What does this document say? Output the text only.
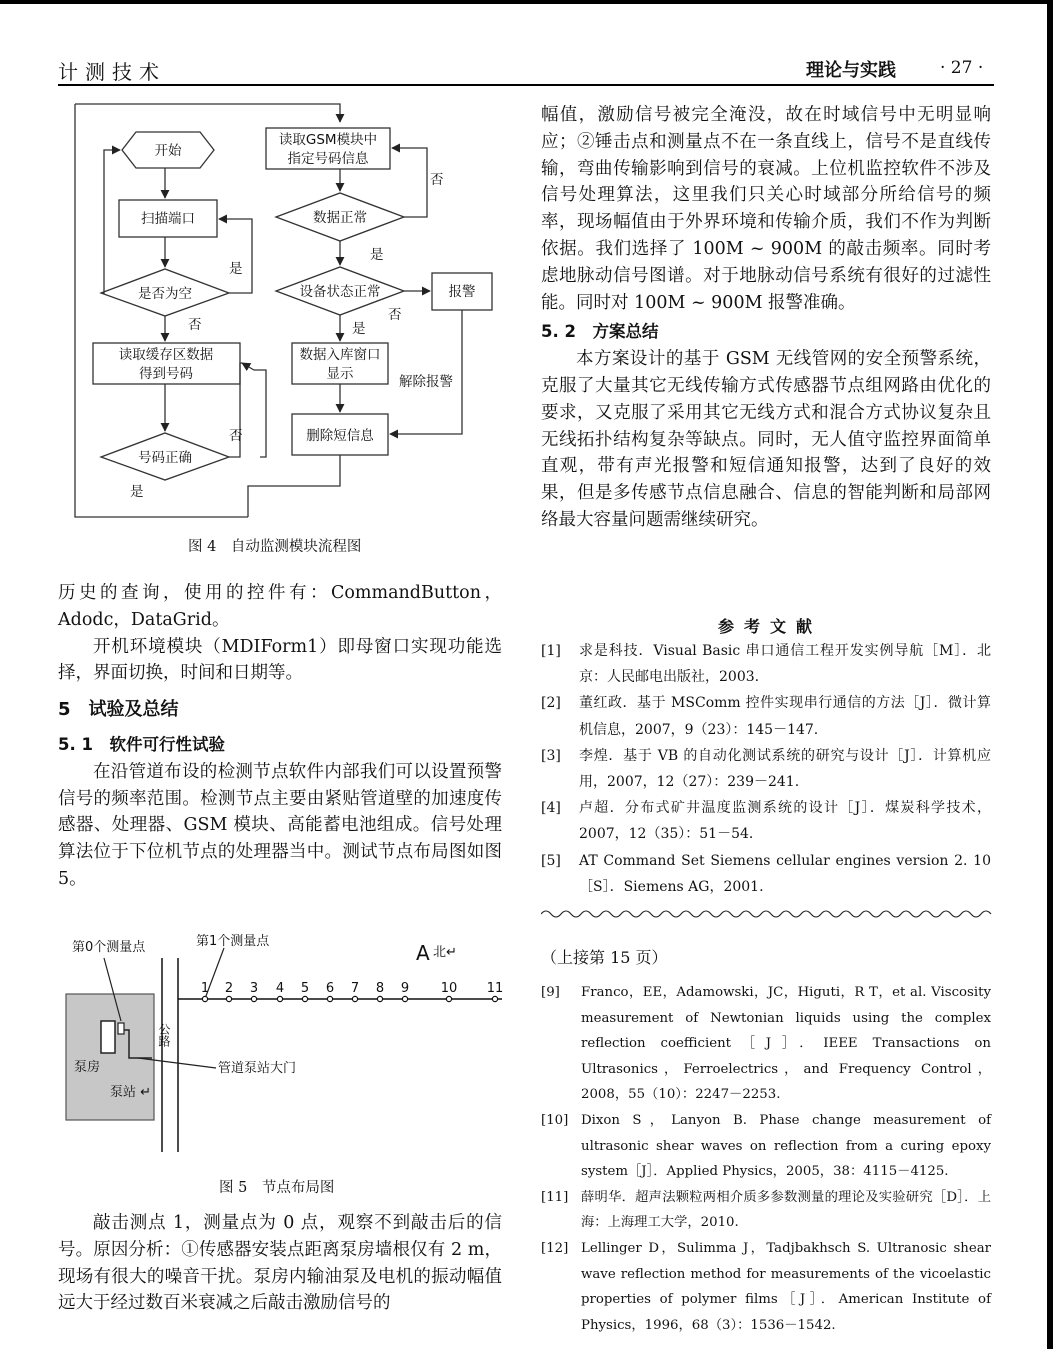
计测技术	理论与实践	· 27 ·
开始
扫描端口
是否为空
读取缓存区数据
得到号码
号码正确
读取GSM模块中
指定号码信息
数据正常
设备状态正常	报警
数据入库窗口
显示
删除短信息
是
否
否
是
否
是
否
是
解除报警
图 4　自动监测模块流程图

历史的查询，使用的控件有：CommandButton，Adodc，DataGrid。

开机环境模块（MDIForm1）即母窗口实现功能选择，界面切换，时间和日期等。

5　试验及总结

5. 1　软件可行性试验

在沿管道布设的检测节点软件内部我们可以设置预警信号的频率范围。检测节点主要由紧贴管道壁的加速度传感器、处理器、GSM 模块、高能蓄电池组成。信号处理算法位于下位机节点的处理器当中。测试节点布局图如图 5。

1 2 3 4 5 6 7 8 9 10 11
第0个测量点	第1个测量点	A 北↵
公路
泵房
泵站 ↵
管道泵站大门
图 5　节点布局图

敲击测点 1，测量点为 0 点，观察不到敲击后的信号。原因分析：①传感器安装点距离泵房墙根仅有 2 m，现场有很大的噪音干扰。泵房内输油泵及电机的振动幅值远大于经过数百米衰减之后敲击激励信号的

幅值，激励信号被完全淹没，故在时域信号中无明显响应；②锤击点和测量点不在一条直线上，信号不是直线传输，弯曲传输影响到信号的衰减。上位机监控软件不涉及信号处理算法，这里我们只关心时域部分所给信号的频率，现场幅值由于外界环境和传输介质，我们不作为判断依据。我们选择了 100M ~ 900M 的敲击频率。同时考虑地脉动信号图谱。对于地脉动信号系统有很好的过滤性能。同时对 100M ~ 900M 报警准确。

5. 2　方案总结

本方案设计的基于 GSM 无线管网的安全预警系统，克服了大量其它无线传输方式传感器节点组网路由优化的要求，又克服了采用其它无线方式和混合方式协议复杂且无线拓扑结构复杂等缺点。同时，无人值守监控界面简单直观，带有声光报警和短信通知报警，达到了良好的效果，但是多传感节点信息融合、信息的智能判断和局部网络最大容量问题需继续研究。

参考文献
[1]	求是科技．Visual Basic 串口通信工程开发实例导航［M］．北京：人民邮电出版社，2003.
[2]	董红政．基于 MSComm 控件实现串行通信的方法［J］．微计算机信息，2007，9（23）：145－147.
[3]	李煌．基于 VB 的自动化测试系统的研究与设计［J］．计算机应用，2007，12（27）：239－241.
[4]	卢超．分布式矿井温度监测系统的设计［J］．煤炭科学技术，2007，12（35）：51－54.
[5]	AT Command Set Siemens cellular engines version 2. 10［S］．Siemens AG，2001.
（上接第 15 页）
[9]	Franco，EE，Adamowski，JC，Higuti，R T，et al. Viscosity measurement of Newtonian liquids using the complex reflection coefficient［J］．IEEE Transactions on Ultrasonics，Ferroelectrics，and Frequency Control，2008，55（10）：2247－2253.
[10] Dixon S，Lanyon B. Phase change measurement of ultrasonic shear waves on reflection from a curing epoxy system［J］．Applied Physics，2005，38：4115－4125.
[11] 薛明华．超声法颗粒两相介质多参数测量的理论及实验研究［D］．上海：上海理工大学，2010.
[12] Lellinger D，Sulimma J，Tadjbakhsch S. Ultranosic shear wave reflection method for measurements of the vicoelastic properties of polymer films［J］．American Institute of Physics，1996，68（3）：1536－1542.
